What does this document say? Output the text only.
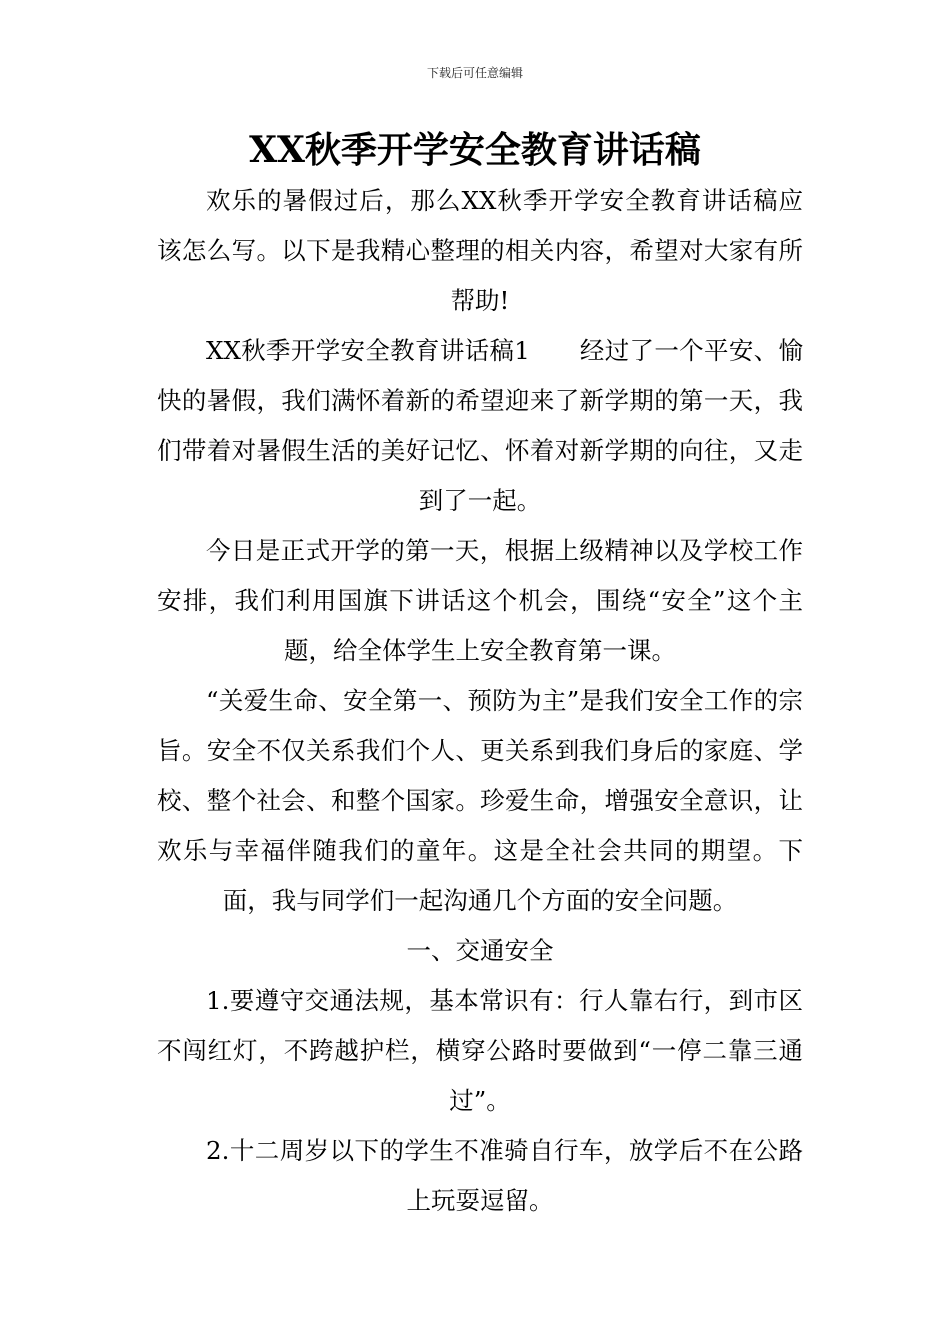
下载后可任意编辑
XX秋季开学安全教育讲话稿

欢乐的暑假过后，那么XX秋季开学安全教育讲话稿应该怎么写。以下是我精心整理的相关内容，希望对大家有所帮助!

XX秋季开学安全教育讲话稿1　　经过了一个平安、愉快的暑假，我们满怀着新的希望迎来了新学期的第一天，我们带着对暑假生活的美好记忆、怀着对新学期的向往，又走到了一起。

今日是正式开学的第一天，根据上级精神以及学校工作安排，我们利用国旗下讲话这个机会，围绕“安全”这个主题，给全体学生上安全教育第一课。

“关爱生命、安全第一、预防为主”是我们安全工作的宗旨。安全不仅关系我们个人、更关系到我们身后的家庭、学校、整个社会、和整个国家。珍爱生命，增强安全意识，让欢乐与幸福伴随我们的童年。这是全社会共同的期望。下面，我与同学们一起沟通几个方面的安全问题。

一、交通安全

1.要遵守交通法规，基本常识有：行人靠右行，到市区不闯红灯，不跨越护栏，横穿公路时要做到“一停二靠三通过”。

2.十二周岁以下的学生不准骑自行车，放学后不在公路上玩耍逗留。
